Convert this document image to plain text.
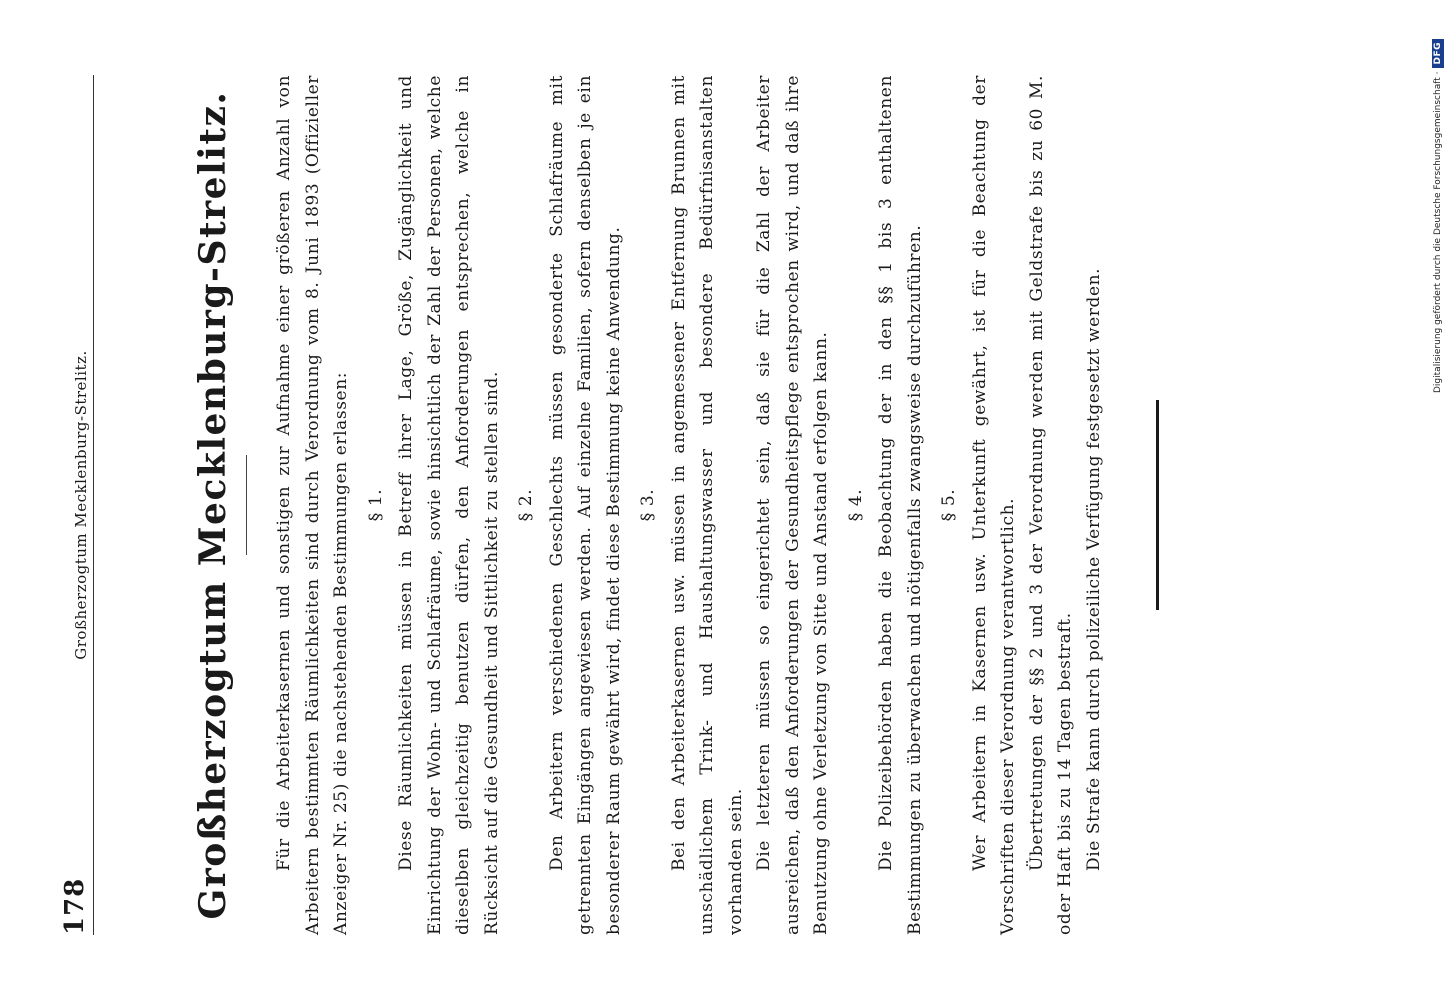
178
Großherzogtum Mecklenburg-Strelitz.	Großherzogtum Mecklenburg-Strelitz. Für die Arbeiterkasernen und sonstigen zur Aufnahme einer größeren Anzahl von Arbeitern bestimmten Räumlichkeiten sind durch Verordnung vom 8. Juni 1893 (Offizieller Anzeiger Nr. 25) die nachstehenden Bestimmungen erlassen: § 1. Diese Räumlichkeiten müssen in Betreff ihrer Lage, Größe, Zugänglichkeit und Einrichtung der Wohn- und Schlafräume, sowie hinsichtlich der Zahl der Personen, welche dieselben gleichzeitig benutzen dürfen, den Anforderungen entsprechen, welche in Rücksicht auf die Gesundheit und Sittlichkeit zu stellen sind. § 2. Den Arbeitern verschiedenen Geschlechts müssen gesonderte Schlafräume mit getrennten Eingängen angewiesen werden. Auf einzelne Familien, sofern denselben je ein besonderer Raum gewährt wird, findet diese Bestimmung keine Anwendung. § 3. Bei den Arbeiterkasernen usw. müssen in angemessener Entfernung Brunnen mit unschädlichem Trink- und Haushaltungswasser und besondere Bedürfnisanstalten vorhanden sein. Die letzteren müssen so eingerichtet sein, daß sie für die Zahl der Arbeiter ausreichen, daß den Anforderungen der Gesundheitspflege entsprochen wird, und daß ihre Benutzung ohne Verletzung von Sitte und Anstand erfolgen kann. § 4. Die Polizeibehörden haben die Beobachtung der in den §§ 1 bis 3 enthaltenen Bestimmungen zu überwachen und nötigenfalls zwangsweise durchzuführen. § 5. Wer Arbeitern in Kasernen usw. Unterkunft gewährt, ist für die Beachtung der Vorschriften dieser Verordnung verantwortlich. Übertretungen der §§ 2 und 3 der Verordnung werden mit Geldstrafe bis zu 60 M. oder Haft bis zu 14 Tagen bestraft. Die Strafe kann durch polizeiliche Verfügung festgesetzt werden.

Digitalisierung gefördert durch die Deutsche Forschungsgemeinschaft ·
DFG
